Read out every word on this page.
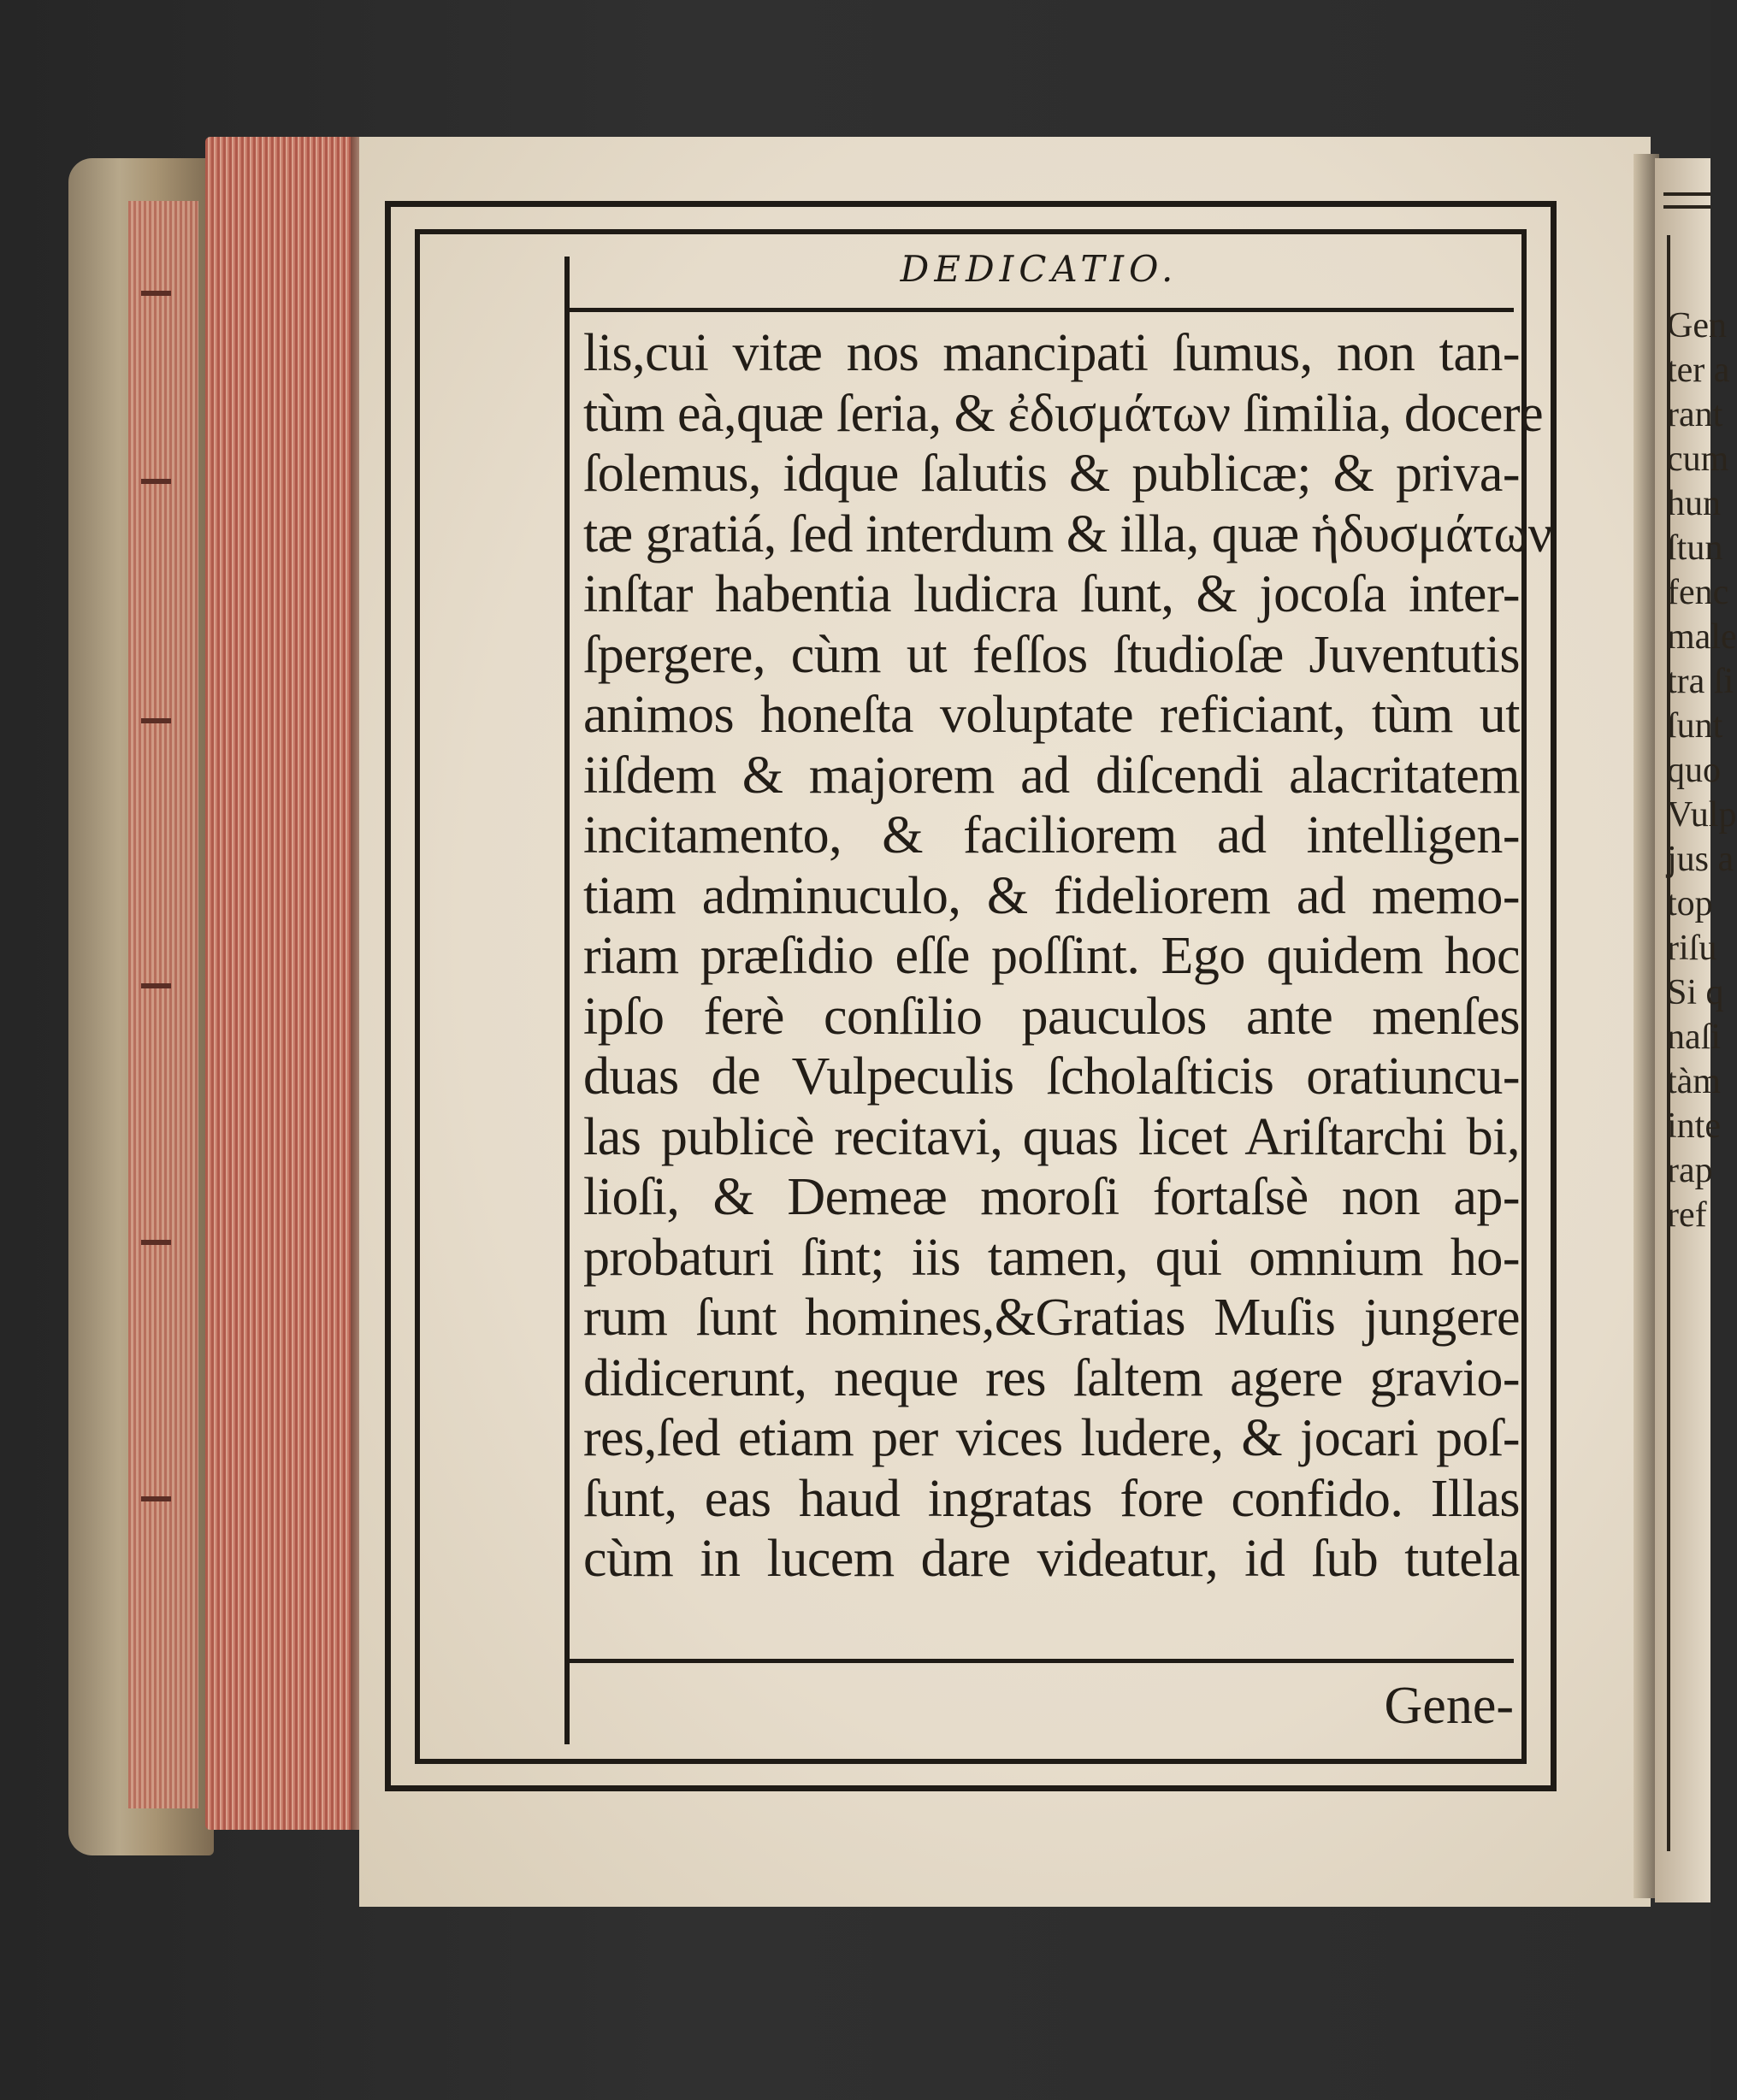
Gen
ter a
rant
cum
hun
ſtun
fenc
male
tra ſi
ſunt
quo
Vulp
jus a
top
riſu
Si q
naſi
tàm
inte
rap
ref
DEDICATIO.
lis,cui vitæ nos mancipati ſumus, non tan-
tùm eà,quæ ſeria, & ἐδισμάτων ſimilia, docere
ſolemus, idque ſalutis & publicæ; & priva-
tæ gratiá, ſed interdum & illa, quæ ἡδυσμάτων
inſtar habentia ludicra ſunt, & jocoſa inter-
ſpergere, cùm ut feſſos ſtudioſæ Juventutis
animos honeſta voluptate reficiant, tùm ut
iiſdem & majorem ad diſcendi alacritatem
incitamento, & faciliorem ad intelligen-
tiam adminuculo, & fideliorem ad memo-
riam præſidio eſſe poſſint. Ego quidem hoc
ipſo ferè conſilio pauculos ante menſes
duas de Vulpeculis ſcholaſticis oratiuncu-
las publicè recitavi, quas licet Ariſtarchi bi,
lioſi, & Demeæ moroſi fortaſsè non ap-
probaturi ſint; iis tamen, qui omnium ho-
rum ſunt homines,&Gratias Muſis jungere
didicerunt, neque res ſaltem agere gravio-
res,ſed etiam per vices ludere, & jocari poſ-
ſunt, eas haud ingratas fore confido. Illas
cùm in lucem dare videatur, id ſub tutela
Gene-
